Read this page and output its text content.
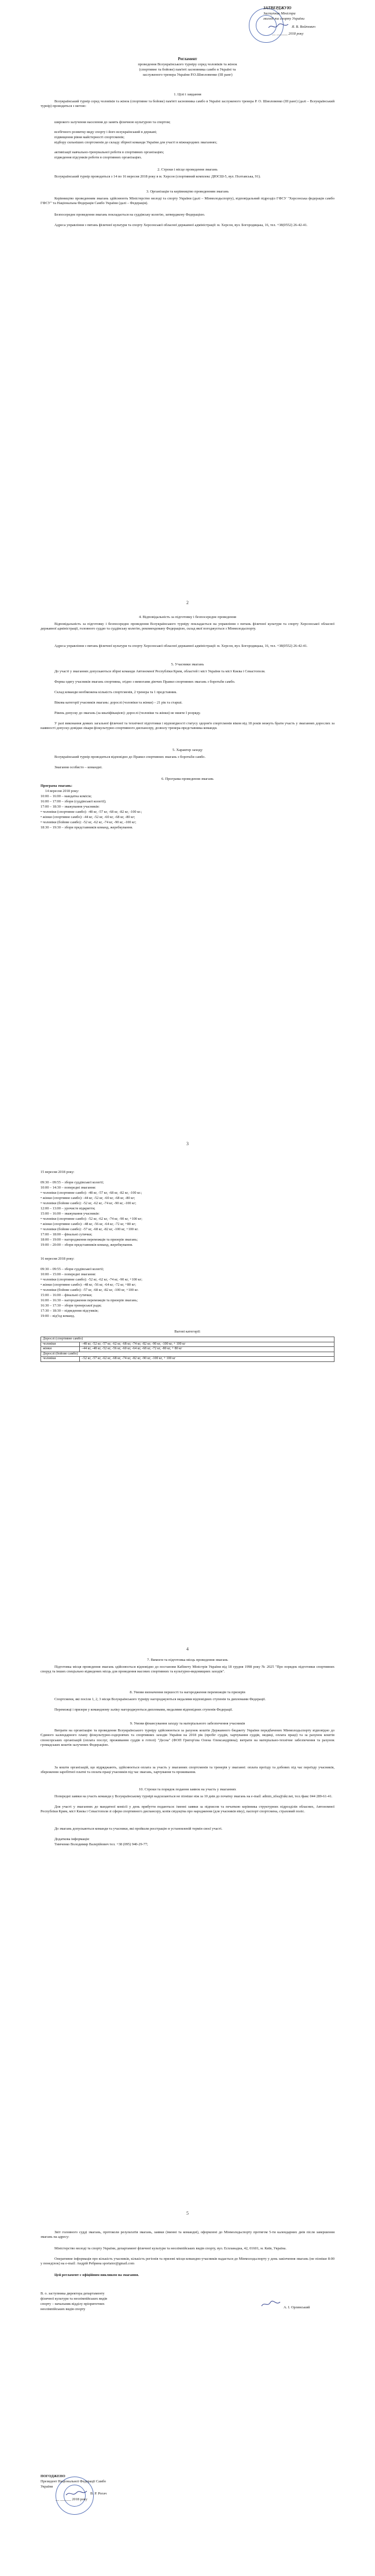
ЗАТВЕРДЖУЮ
Заступник Міністра
молоді та спорту України
Я. В. Войтович
__ ______ 2018 року
Регламент
проведення Всеукраїнського турніру серед чоловіків та жінок
(спортивне та бойове) пам'яті засновника самбо в Україні та
заслуженого тренера України Р.О.Шиоловенко (ІІІ ранг)
1. Цілі і завдання
Всеукраїнський турнір серед чоловіків та жінок (спортивне та бойове) пам'яті засновника самбо в Україні заслуженого тренера Р. О. Шиоловенко (ІІІ ранг) (далі – Всеукраїнський турнір) проводиться з метою:
широкого залучення населення до занять фізичною культурою та спортом;
всебічного розвитку виду спорту і його всеукраїнський в державі;
підвищення рівня майстерності спортсменів;
відбору сильніших спортсменів до складу збірної команди України для участі в міжнародних змаганнях;
активізації навчально-тренувальної роботи в спортивних організаціях;
підведення підсумків роботи в спортивних організаціях.
2. Строки і місце проведення змагань
Всеукраїнський турнір проводиться з 14 по 16 вересня 2018 року в м. Херсон (спортивний комплекс ДЮСШ-5, вул. Полтавська, 91).
3. Організація та керівництво проведенням змагань
Керівництво проведенням змагань здійснюють Міністерство молоді та спорту України (далі – Мінмолодьспорту), відповідальний підрозділ ГФСУ "Херсонська федерація самбо ГФСУ" та Національна Федерація Самбо України (далі – Федерація).
Безпосереднє проведення змагань покладається на суддівську колегію, затверджену Федерацією.
Адреса управління з питань фізичної культури та спорту Херсонської обласної державної адміністрації: м. Херсон, вул. Богородицька, 16, тел. +38(0552) 26-42-41.
2
4. Відповідальність за підготовку і безпосереднє проведення
Відповідальність за підготовку і безпосереднє проведення Всеукраїнського турніру покладається на управління з питань фізичної культури та спорту Херсонської обласної державної адміністрації, головного суддю та суддівську колегію, рекомендовану Федерацією, склад якої погоджується з Мінмолодьспорту.
Адреса управління з питань фізичної культури та спорту Херсонської обласної державної адміністрації: м. Херсон, вул. Богородицька, 16, тел. +38(0552) 26-42-41.
5. Учасники змагань
До участі у змаганнях допускаються збірні команди Автономної Республіки Крим, областей і міст України та міст Києва і Севастополя.
Форма одягу учасників змагань спортивна, згідно з вимогами діючих Правил спортивних змагань з боротьби самбо.
Склад команди необмежена кількість спортсменів, 2 тренера та 1 представник.
Вікова категорії учасників змагань: дорослі (чоловіки та жінки) – 21 рік та старші.
Рівень допуску до змагань (за кваліфікацією): дорослі (чоловіки та жінки) не нижче І розряду.
У разі виконання деяких загальної фізичної та технічної підготовки і відповідності статусу здоров'я спортсменів віком від 18 років можуть брати участь у змаганнях дорослих за наявності допуску-довідки лікаря фізкультурно-спортивного диспансеру, дозволу тренера-представника команди.
5. Характер заходу
Всеукраїнський турнір проводиться відповідно до Правил спортивних змагань з боротьби самбо.
Змагання особисто – командні.
6. Програма проведення змагань
Програма змагань:
14 вересня 2018 року:
10:00 – 16:00 – мандатна комісія;
16:00 – 17:00 – збори (суддівської колегії);
17:00 – 18:30 – зважування учасників:
• чоловіки (спортивне самбо): -48 кг, -57 кг, -68 кг, -82 кг, -100 кг.;
• жінки (спортивне самбо): -44 кг, -52 кг, -60 кг, -68 кг, -80 кг;
• чоловіки (бойове самбо): -52 кг, -62 кг, -74 кг, -90 кг, -100 кг;
18:30 – 19:30 – збори представників команд, жеребкування.
3
15 вересня 2018 року:
09:30 – 09:55 – збори суддівської колегії;
10:00 – 14:30 – попередні змагання:
• чоловіки (спортивне самбо): -48 кг, -57 кг, -68 кг, -82 кг, -100 кг.;
• жінки (спортивне самбо): -44 кг, -52 кг, -60 кг, -68 кг, -80 кг;
• чоловіки (бойове самбо): -52 кг, -62 кг, -74 кг, -90 кг, -100 кг;
12:00 – 13:00 – урочисте відкриття;
15:00 – 16:00 – зважування учасників:
• чоловіки (спортивне самбо): -52 кг, -62 кг, -74 кг, -90 кг, +100 кг;
• жінки (спортивне самбо): -48 кг, -56 кг, -64 кг, -72 кг, +80 кг;
• чоловіки (бойове самбо): -57 кг, -68 кг, -82 кг, -100 кг, +100 кг.
17:00 – 18:00 – фінальні сутички;
18:00 – 19:00 – нагородження переможців та призерів змагань;
19:00 – 20:00 – збори представників команд, жеребкування.
16 вересня 2018 року:
09:30 – 09:55 – збори суддівської колегії;
10:00 – 15:00 – попередні змагання:
• чоловіки (спортивне самбо): -52 кг, -62 кг, -74 кг, -90 кг, +100 кг;
• жінки (спортивне самбо): -48 кг, -56 кг, -64 кг, -72 кг, +80 кг;
• чоловіки (бойове самбо): -57 кг, -68 кг, -82 кг, -100 кг, +100 кг.
15:00 – 16:00 – фінальні сутички;
16:00 – 16:30 – нагородження переможців та призерів змагань;
16:30 – 17:30 – збори тренерської ради;
17:30 – 18:30 – підведення підсумків;
19:00 – від'їзд команд.
Вагові категорії:
Дорослі (спортивне самбо)	
чоловіки	–48 кг, -52 кг, -57 кг, -62 кг, -68 кг, -74 кг, -82 кг, -90 кг, -100 кг, + 100 кг
жінки	–44 кг, -48 кг, -52 кг, -56 кг, -60 кг, -64 кг, -68 кг, -72 кг, -80 кг, + 80 кг
Дорослі (бойове самбо)	
чоловіки	–52 кг, -57 кг, -62 кг, -68 кг, -74 кг, -82 кг, -90 кг, -100 кг, + 100 кг
4
7. Вимоги та підготовка місць проведення змагань
Підготовка місця проведення змагань здійснюється відповідно до постанови Кабінету Міністрів України від 18 грудня 1998 року № 2025 "Про порядок підготовки спортивних споруд та інших спеціально відведених місць для проведення масових спортивних та культурно-видовищних заходів".
8. Умови визначення першості та нагородження переможців та призерів
Спортсмени, які посіли 1, 2, 3 місця Всеукраїнського турніру нагороджуються медалями відповідних ступенів та дипломами Федерації.
Переможці і призери у командному заліку нагороджуються дипломами, медалями відповідних ступенів Федерації.
9. Умови фінансування заходу та матеріального забезпечення учасників
Витрати на організацію та проведення Всеукраїнського турніру здійснюються за рахунок коштів Державного бюджету України передбачених Мінмолодьспорту відповідно до Єдиного календарного плану фізкультурно-оздоровчих та спортивних заходів України на 2018 рік (пробіг суддів, харчування суддів, медиці, оплата праці) та за рахунок коштів спонсорських організацій (оплата послуг, проживання суддів в готелі) "Десна" (ФОП Григор'єва Олена Олександрівна); витрати на матеріально-технічне забезпечення та рахунок громадських коштів залучених Федерацією.
За кошти організацій, що відряджають, здійснюється оплата за участь у змаганнях спортсменів та тренерів у змаганні: оплата проїзду та добових під час переїзду учасників, збереження заробітної платні та оплата праці учасників під час змагань, харчування та проживання.
10. Строки та порядок подання заявок на участь у змаганнях
Попередні заявки на участь команди у Всеукраїнському турнірі надсилаються не пізніше ніж за 10 днів до початку змагань на e-mail: admin_nfsu@ukr.net, тел./факс 044 289-61-41.
Для участі у змаганнях до мандатної комісії у день прибуття подаються: іменні заявки за підписом та печаткою керівника структурних підрозділів обласних, Автономної Республіки Крим, міст Києва і Севастополя зі сфери спортивного диспансеру, копія свідоцтва про народження (для учасників віку), паспорт спортсмена, страховий поліс.
До змагань допускаються команди та учасники, які пройшли реєстрацію в установленій термін своєї участі.
Додаткова інформація:
Тимченко Володимир Валерійович тел. +38 (095) 940-29-77;
5
Звіт головного судді змагань, протоколи результатів змагань, заявки (іменні та командні), оформлені до Мінмолодьспорту протягом 5-ти календарних днів після завершення змагань на адресу:
Міністерство молоді та спорту України, департамент фізичної культури та неолімпійських видів спорту, вул. Еспланадна, 42, 01601, м. Київ, Україна.
Оперативне інформація про кількість учасників, кількість регіонів та призові місця командно-учасників надається до Мінмолодьспорту у день закінчення змагань (не пізніше 8:00 у понеділок) на e-mail: Андрій Ребрина sportator@gmail.com
Цей регламент є офіційним викликом на змагання.
В. о. заступника директора департаменту
фізичної культури та неолімпійських видів
спорту – начальник відділу пріоритетних
неолімпійських видів спорту	А. І. Орлянський
ПОГОДЖЕНО
Президент Національної Федерації Самбо
України
В. Р. Рогач
__ ______ 2018 року
